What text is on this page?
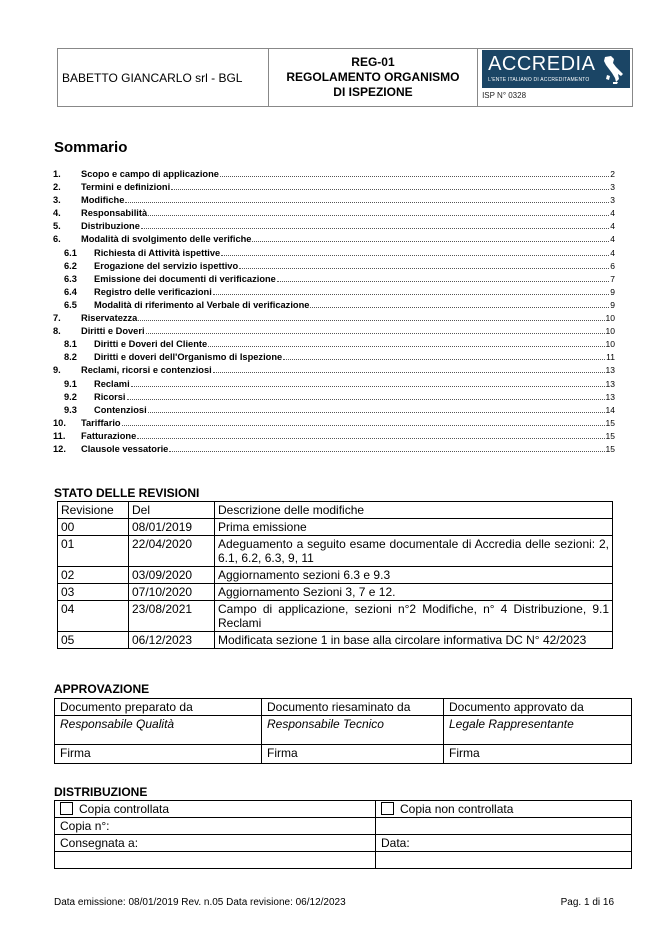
BABETTO GIANCARLO srl - BGL	
REG-01
REGOLAMENTO ORGANISMO
DI ISPEZIONE

ACCREDIA
L'ENTE ITALIANO DI ACCREDITAMENTO
ISP N° 0328
Sommario
1.	Scopo e campo di applicazione	2
2.	Termini e definizioni	3
3.	Modifiche	3
4.	Responsabilità	4
5.	Distribuzione	4
6.	Modalità di svolgimento delle verifiche	4
6.1	Richiesta di Attività ispettive	4
6.2	Erogazione del servizio ispettivo	6
6.3	Emissione dei documenti di verificazione	7
6.4	Registro delle verificazioni	9
6.5	Modalità di riferimento al Verbale di verificazione	9
7.	Riservatezza	10
8.	Diritti e Doveri	10
8.1	Diritti e Doveri del Cliente	10
8.2	Diritti e doveri dell'Organismo di Ispezione	11
9.	Reclami, ricorsi e contenziosi	13
9.1	Reclami	13
9.2	Ricorsi	13
9.3	Contenziosi	14
10.	Tariffario	15
11.	Fatturazione	15
12.	Clausole vessatorie	15
STATO DELLE REVISIONI
Revisione	Del	Descrizione delle modifiche
00	08/01/2019	Prima emissione
01	22/04/2020	Adeguamento a seguito esame documentale di Accredia delle sezioni: 2, 6.1, 6.2, 6.3, 9, 11
02	03/09/2020	Aggiornamento sezioni 6.3 e 9.3
03	07/10/2020	Aggiornamento Sezioni 3, 7 e 12.
04	23/08/2021	Campo di applicazione, sezioni n°2 Modifiche, n° 4 Distribuzione, 9.1 Reclami
05	06/12/2023	Modificata sezione 1 in base alla circolare informativa DC N° 42/2023
APPROVAZIONE
Documento preparato da	Documento riesaminato da	Documento approvato da
Responsabile Qualità	Responsabile Tecnico	Legale Rappresentante
Firma	Firma	Firma
DISTRIBUZIONE
Copia controllata	Copia non controllata
Copia n°:	
Consegnata a:	Data:

Data emissione: 08/01/2019 Rev. n.05 Data revisione: 06/12/2023	Pag. 1 di 16
